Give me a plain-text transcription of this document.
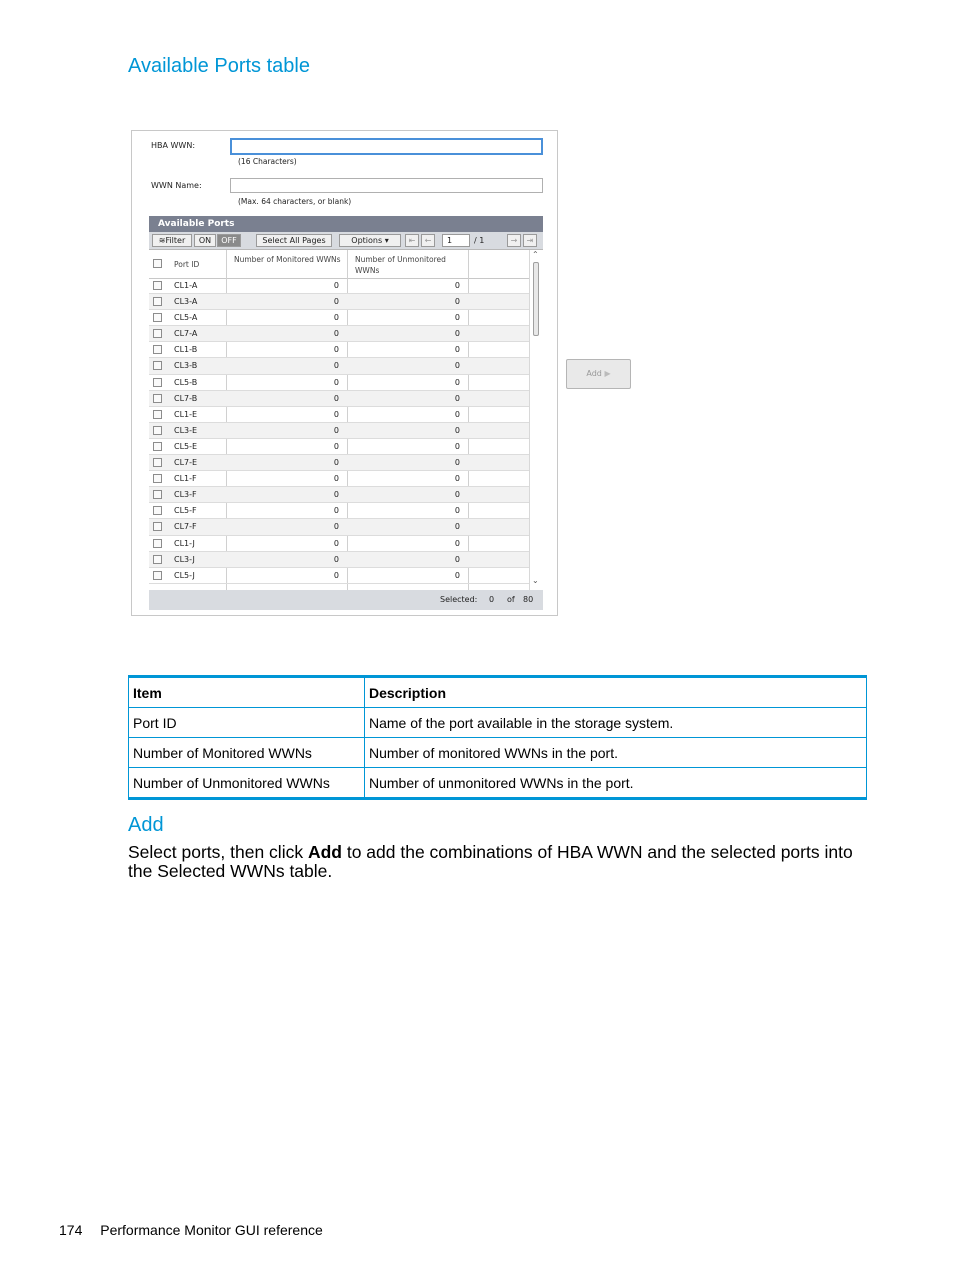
Available Ports table
HBA WWN:
(16 Characters)
WWN Name:
(Max. 64 characters, or blank)
Available Ports
≋Filter	ON	OFF	Select All Pages	Options ▾	⇤	←	1	/ 1	→	⇥
Port ID
Number of Monitored WWNs	Number of Unmonitored WWNs
CL1-A	0	0
CL3-A	0	0
CL5-A	0	0
CL7-A	0	0
CL1-B	0	0
CL3-B	0	0
CL5-B	0	0
CL7-B	0	0
CL1-E	0	0
CL3-E	0	0
CL5-E	0	0
CL7-E	0	0
CL1-F	0	0
CL3-F	0	0
CL5-F	0	0
CL7-F	0	0
CL1-J	0	0
CL3-J	0	0
CL5-J	0	0
⌃
⌄
Selected: 0 of 80
Add ▶
Item	Description
Port ID	Name of the port available in the storage system.
Number of Monitored WWNs	Number of monitored WWNs in the port.
Number of Unmonitored WWNs	Number of unmonitored WWNs in the port.
Add

Select ports, then click Add to add the combinations of HBA WWN and the selected ports into the Selected WWNs table.

174 Performance Monitor GUI reference
